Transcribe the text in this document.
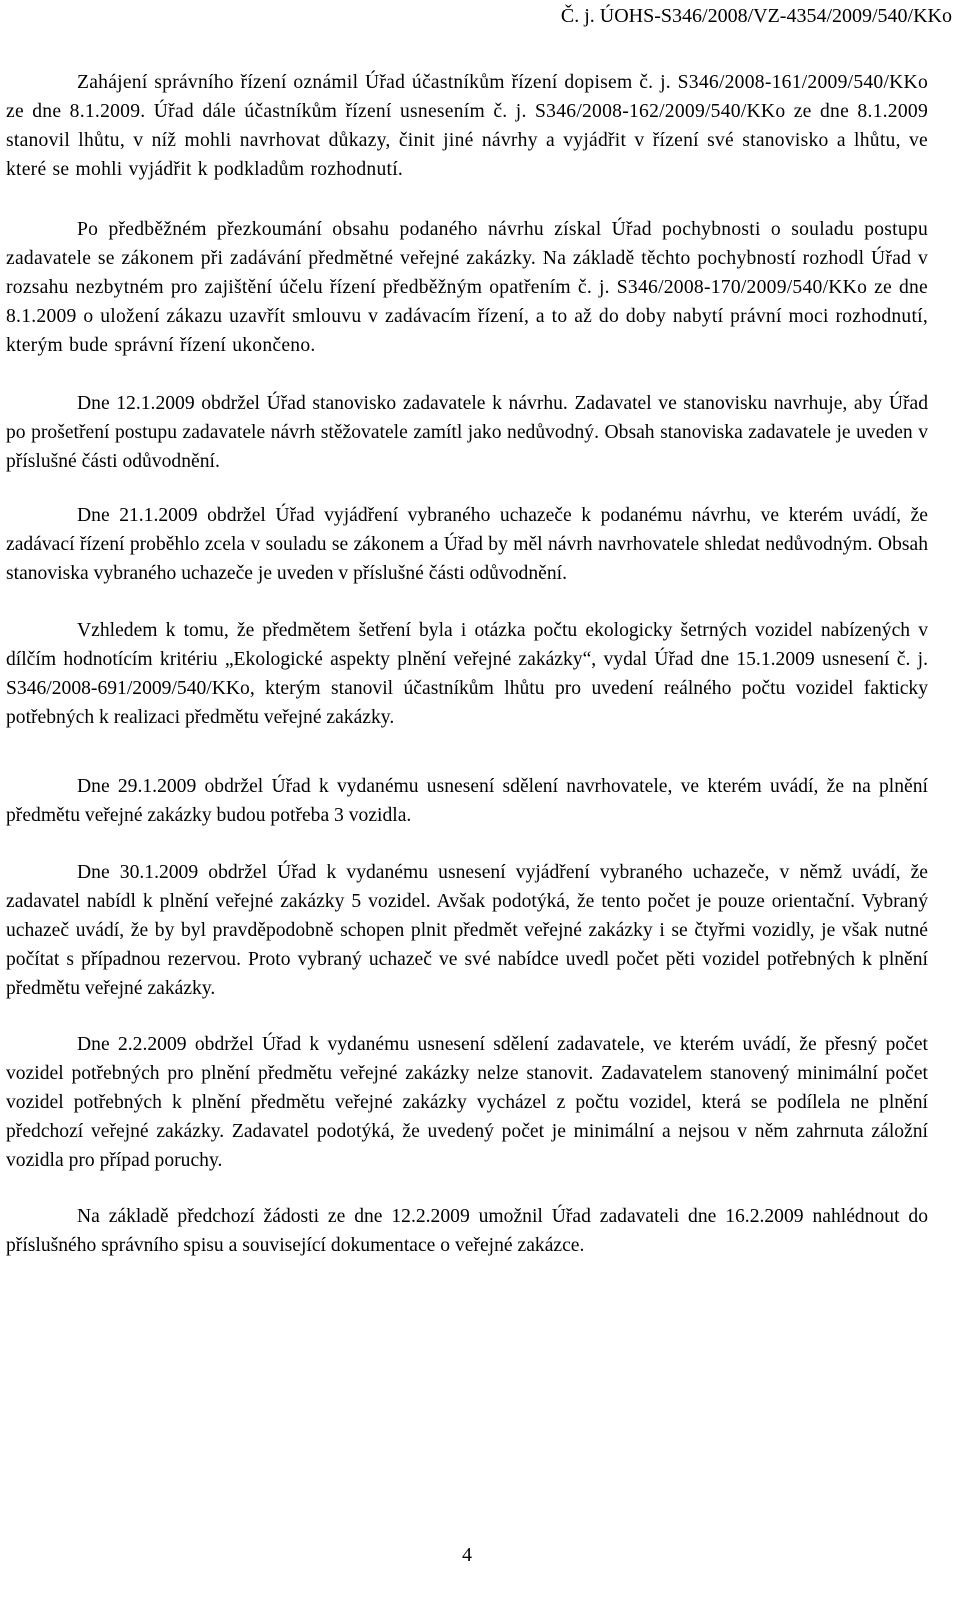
Č. j. ÚOHS-S346/2008/VZ-4354/2009/540/KKo

Zahájení správního řízení oznámil Úřad účastníkům řízení dopisem č. j. S346/2008-161/2009/540/KKo ze dne 8.1.2009. Úřad dále účastníkům řízení usnesením č. j. S346/2008-162/2009/540/KKo ze dne 8.1.2009 stanovil lhůtu, v níž mohli navrhovat důkazy, činit jiné návrhy a vyjádřit v řízení své stanovisko a lhůtu, ve které se mohli vyjádřit k podkladům rozhodnutí.

Po předběžném přezkoumání obsahu podaného návrhu získal Úřad pochybnosti o souladu postupu zadavatele se zákonem při zadávání předmětné veřejné zakázky. Na základě těchto pochybností rozhodl Úřad v rozsahu nezbytném pro zajištění účelu řízení předběžným opatřením č. j. S346/2008-170/2009/540/KKo ze dne 8.1.2009 o uložení zákazu uzavřít smlouvu v zadávacím řízení, a to až do doby nabytí právní moci rozhodnutí, kterým bude správní řízení ukončeno.

Dne 12.1.2009 obdržel Úřad stanovisko zadavatele k návrhu. Zadavatel ve stanovisku navrhuje, aby Úřad po prošetření postupu zadavatele návrh stěžovatele zamítl jako nedůvodný. Obsah stanoviska zadavatele je uveden v příslušné části odůvodnění.

Dne 21.1.2009 obdržel Úřad vyjádření vybraného uchazeče k podanému návrhu, ve kterém uvádí, že zadávací řízení proběhlo zcela v souladu se zákonem a Úřad by měl návrh navrhovatele shledat nedůvodným. Obsah stanoviska vybraného uchazeče je uveden v příslušné části odůvodnění.

Vzhledem k tomu, že předmětem šetření byla i otázka počtu ekologicky šetrných vozidel nabízených v dílčím hodnotícím kritériu „Ekologické aspekty plnění veřejné zakázky“, vydal Úřad dne 15.1.2009 usnesení č. j. S346/2008-691/2009/540/KKo, kterým stanovil účastníkům lhůtu pro uvedení reálného počtu vozidel fakticky potřebných k realizaci předmětu veřejné zakázky.

Dne 29.1.2009 obdržel Úřad k vydanému usnesení sdělení navrhovatele, ve kterém uvádí, že na plnění předmětu veřejné zakázky budou potřeba 3 vozidla.

Dne 30.1.2009 obdržel Úřad k vydanému usnesení vyjádření vybraného uchazeče, v němž uvádí, že zadavatel nabídl k plnění veřejné zakázky 5 vozidel. Avšak podotýká, že tento počet je pouze orientační. Vybraný uchazeč uvádí, že by byl pravděpodobně schopen plnit předmět veřejné zakázky i se čtyřmi vozidly, je však nutné počítat s případnou rezervou. Proto vybraný uchazeč ve své nabídce uvedl počet pěti vozidel potřebných k plnění předmětu veřejné zakázky.

Dne 2.2.2009 obdržel Úřad k vydanému usnesení sdělení zadavatele, ve kterém uvádí, že přesný počet vozidel potřebných pro plnění předmětu veřejné zakázky nelze stanovit. Zadavatelem stanovený minimální počet vozidel potřebných k plnění předmětu veřejné zakázky vycházel z počtu vozidel, která se podílela ne plnění předchozí veřejné zakázky. Zadavatel podotýká, že uvedený počet je minimální a nejsou v něm zahrnuta záložní vozidla pro případ poruchy.

Na základě předchozí žádosti ze dne 12.2.2009 umožnil Úřad zadavateli dne 16.2.2009 nahlédnout do příslušného správního spisu a související dokumentace o veřejné zakázce.

4
